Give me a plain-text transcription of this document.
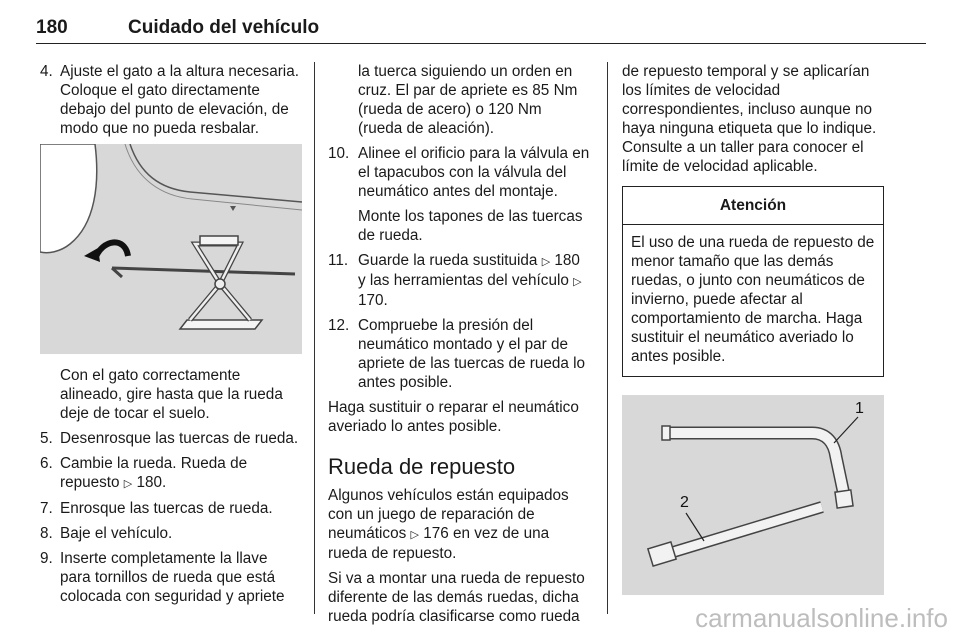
180	Cuidado del vehículo
4. Ajuste el gato a la altura necesaria. Coloque el gato directamente debajo del punto de elevación, de modo que no pueda resbalar.
Con el gato correctamente alineado, gire hasta que la rueda deje de tocar el suelo.
5. Desenrosque las tuercas de rueda.
6. Cambie la rueda. Rueda de repuesto ▷ 180.
7. Enrosque las tuercas de rueda.
8. Baje el vehículo.
9. Inserte completamente la llave para tornillos de rueda que está colocada con seguridad y apriete
la tuerca siguiendo un orden en cruz. El par de apriete es 85 Nm (rueda de acero) o 120 Nm (rueda de aleación).
10. Alinee el orificio para la válvula en el tapacubos con la válvula del neumático antes del montaje.
Monte los tapones de las tuercas de rueda.
11. Guarde la rueda sustituida ▷ 180 y las herramientas del vehículo ▷ 170.
12. Compruebe la presión del neumático montado y el par de apriete de las tuercas de rueda lo antes posible.
Haga sustituir o reparar el neumático averiado lo antes posible.
Rueda de repuesto
Algunos vehículos están equipados con un juego de reparación de neumáticos ▷ 176 en vez de una rueda de repuesto.
Si va a montar una rueda de repuesto diferente de las demás ruedas, dicha rueda podría clasificarse como rueda
de repuesto temporal y se aplicarían los límites de velocidad correspondientes, incluso aunque no haya ninguna etiqueta que lo indique. Consulte a un taller para conocer el límite de velocidad aplicable.
Atención
El uso de una rueda de repuesto de menor tamaño que las demás ruedas, o junto con neumáticos de invierno, puede afectar al comportamiento de marcha. Haga sustituir el neumático averiado lo antes posible.
1
2
carmanualsonline.info
